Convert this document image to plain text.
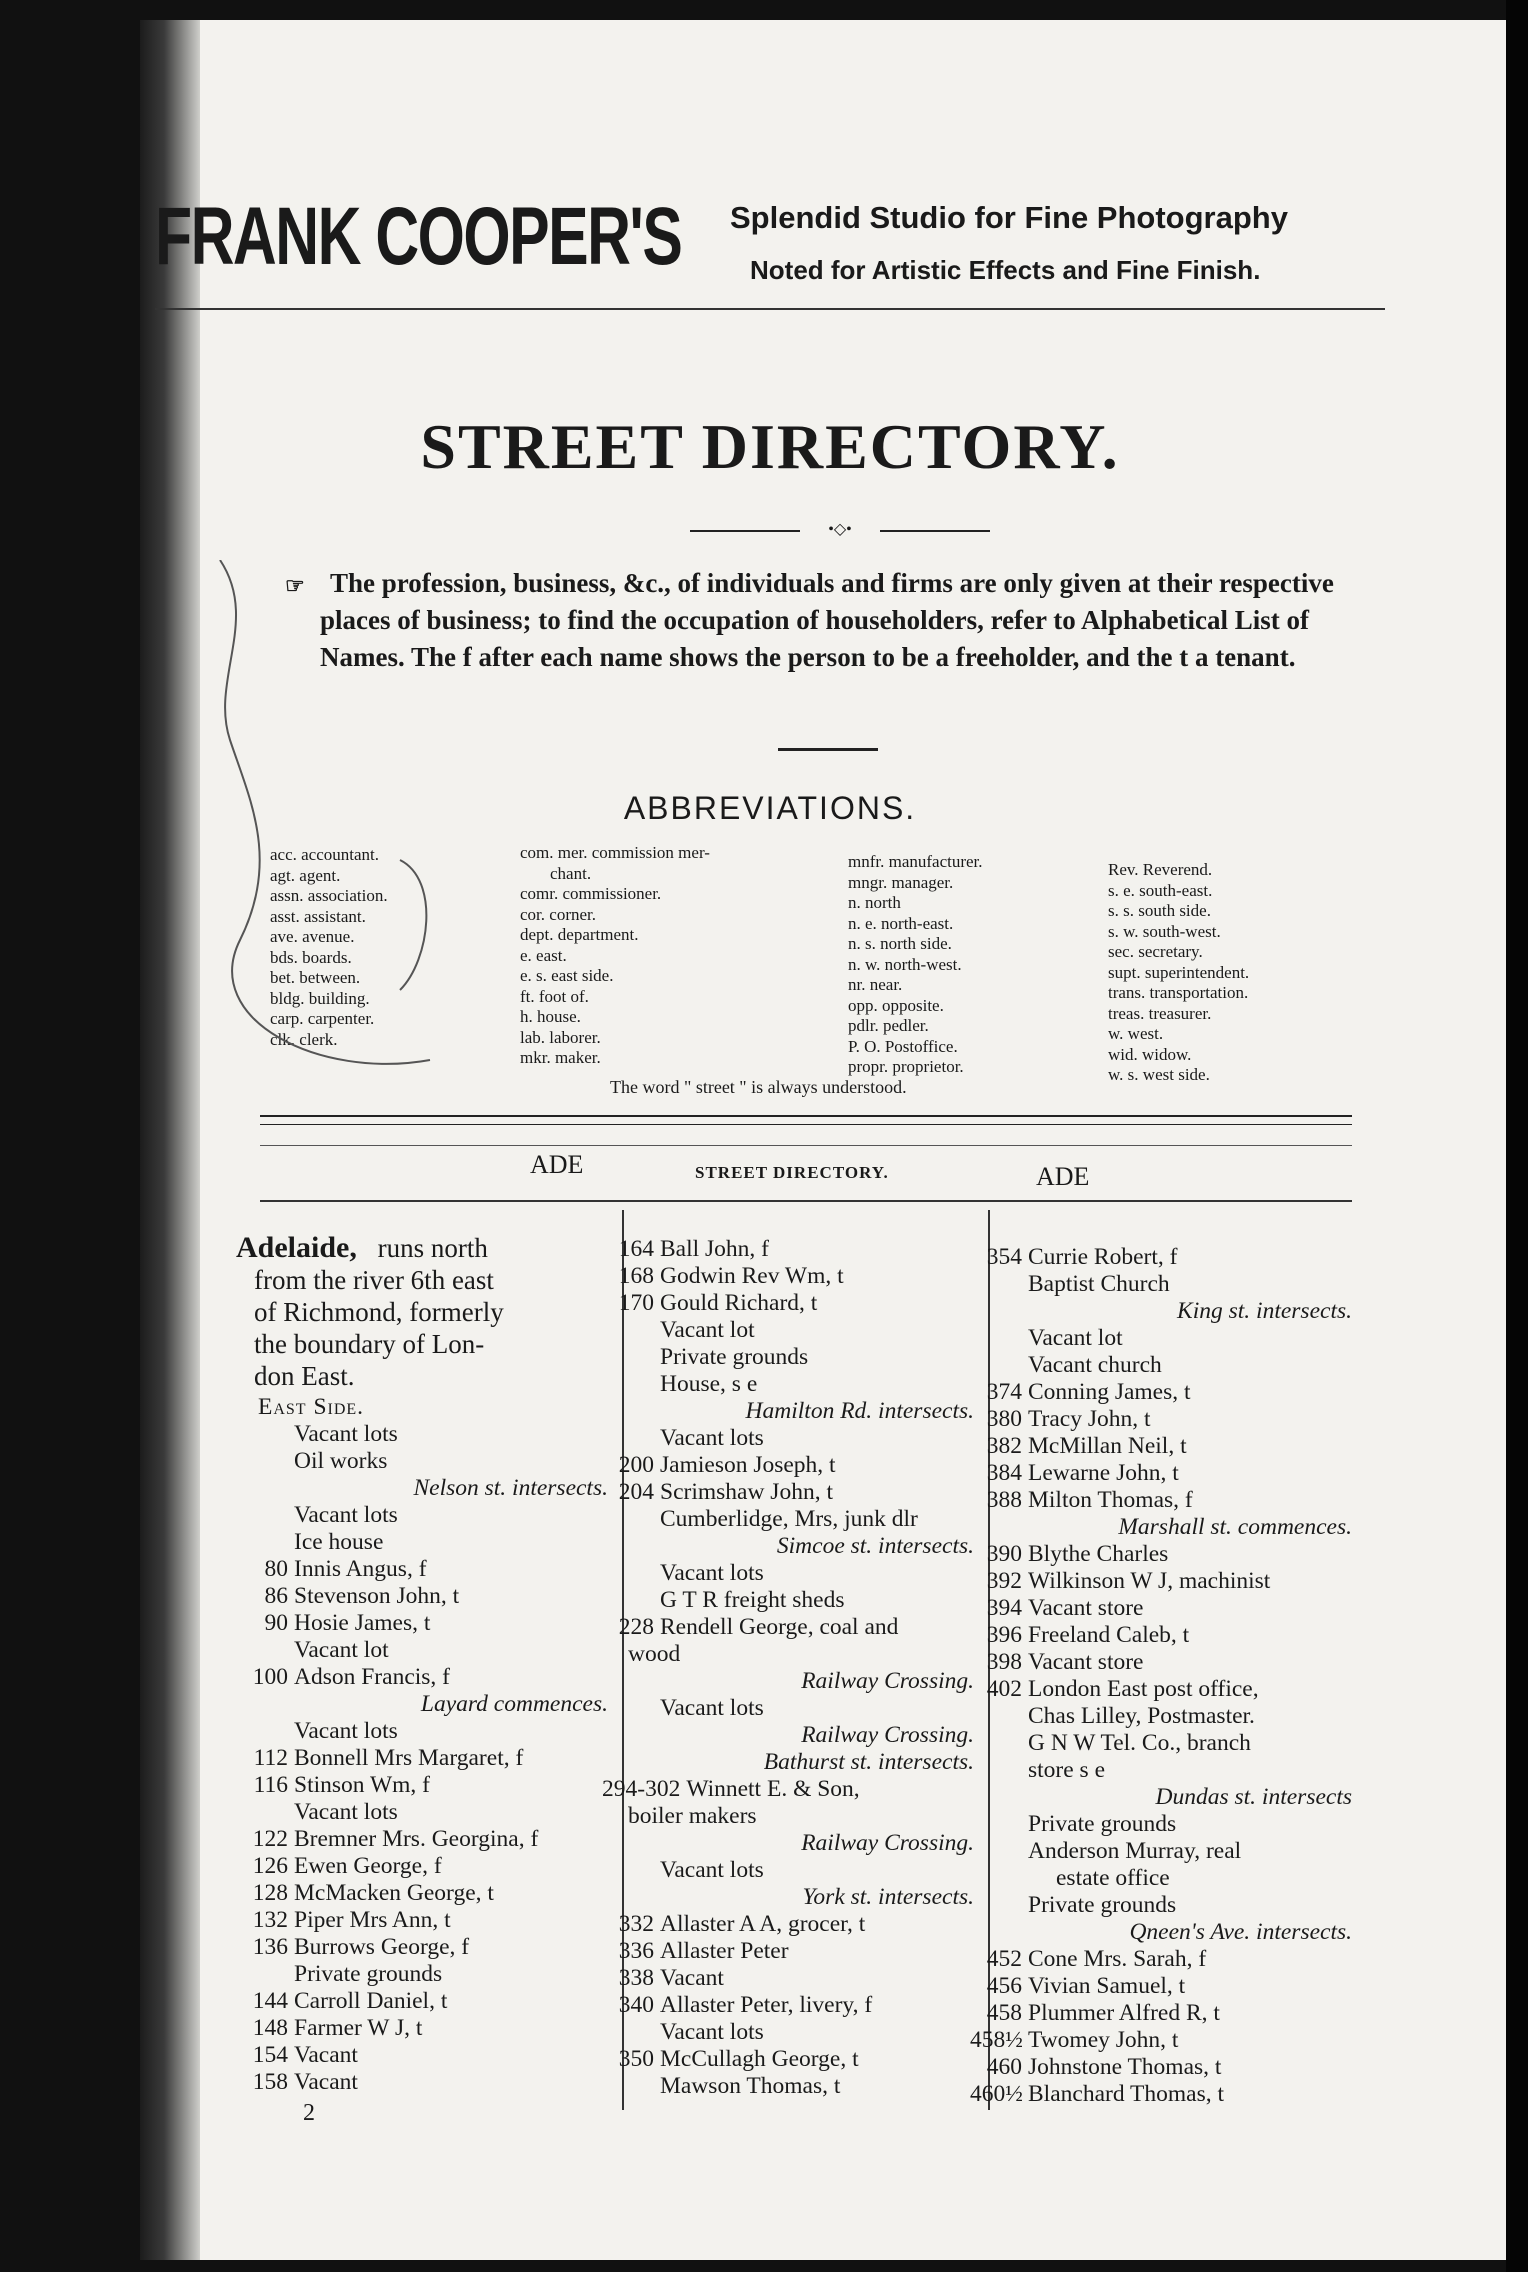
FRANK COOPER'S Splendid Studio for Fine Photography
Noted for Artistic Effects and Fine Finish.
STREET DIRECTORY.
•◇•
☞ The profession, business, &c., of individuals and firms are only given at their respective places of business; to find the occupation of householders, refer to Alphabetical List of Names. The f after each name shows the person to be a freeholder, and the t a tenant.
ABBREVIATIONS.
acc. accountant.
agt. agent.
assn. association.
asst. assistant.
ave. avenue.
bds. boards.
bet. between.
bldg. building.
carp. carpenter.
clk. clerk.
com. mer. commission mer-
chant.
comr. commissioner.
cor. corner.
dept. department.
e. east.
e. s. east side.
ft. foot of.
h. house.
lab. laborer.
mkr. maker.
mnfr. manufacturer.
mngr. manager.
n. north
n. e. north-east.
n. s. north side.
n. w. north-west.
nr. near.
opp. opposite.
pdlr. pedler.
P. O. Postoffice.
propr. proprietor.
Rev. Reverend.
s. e. south-east.
s. s. south side.
s. w. south-west.
sec. secretary.
supt. superintendent.
trans. transportation.
treas. treasurer.
w. west.
wid. widow.
w. s. west side.
The word " street " is always understood.
ADE	STREET DIRECTORY.	ADE
Adelaide, runs north
from the river 6th east
of Richmond, formerly
the boundary of Lon-
don East.
East Side.
Vacant lots
Oil works
Nelson st. intersects.
Vacant lots
Ice house
80 Innis Angus, f
86 Stevenson John, t
90 Hosie James, t
Vacant lot
100 Adson Francis, f
Layard commences.
Vacant lots
112 Bonnell Mrs Margaret, f
116 Stinson Wm, f
Vacant lots
122 Bremner Mrs. Georgina, f
126 Ewen George, f
128 McMacken George, t
132 Piper Mrs Ann, t
136 Burrows George, f
Private grounds
144 Carroll Daniel, t
148 Farmer W J, t
154 Vacant
158 Vacant
164 Ball John, f
168 Godwin Rev Wm, t
170 Gould Richard, t
Vacant lot
Private grounds
House, s e
Hamilton Rd. intersects.
Vacant lots
200 Jamieson Joseph, t
204 Scrimshaw John, t
Cumberlidge, Mrs, junk dlr
Simcoe st. intersects.
Vacant lots
G T R freight sheds
228 Rendell George, coal and
wood
Railway Crossing.
Vacant lots
Railway Crossing.
Bathurst st. intersects.
294-302 Winnett E. & Son,
boiler makers
Railway Crossing.
Vacant lots
York st. intersects.
332 Allaster A A, grocer, t
336 Allaster Peter
338 Vacant
340 Allaster Peter, livery, f
Vacant lots
350 McCullagh George, t
Mawson Thomas, t
354 Currie Robert, f
Baptist Church
King st. intersects.
Vacant lot
Vacant church
374 Conning James, t
380 Tracy John, t
382 McMillan Neil, t
384 Lewarne John, t
388 Milton Thomas, f
Marshall st. commences.
390 Blythe Charles
392 Wilkinson W J, machinist
394 Vacant store
396 Freeland Caleb, t
398 Vacant store
402 London East post office,
Chas Lilley, Postmaster.
G N W Tel. Co., branch
store s e
Dundas st. intersects
Private grounds
Anderson Murray, real
estate office
Private grounds
Qneen's Ave. intersects.
452 Cone Mrs. Sarah, f
456 Vivian Samuel, t
458 Plummer Alfred R, t
458½ Twomey John, t
460 Johnstone Thomas, t
460½ Blanchard Thomas, t
2
